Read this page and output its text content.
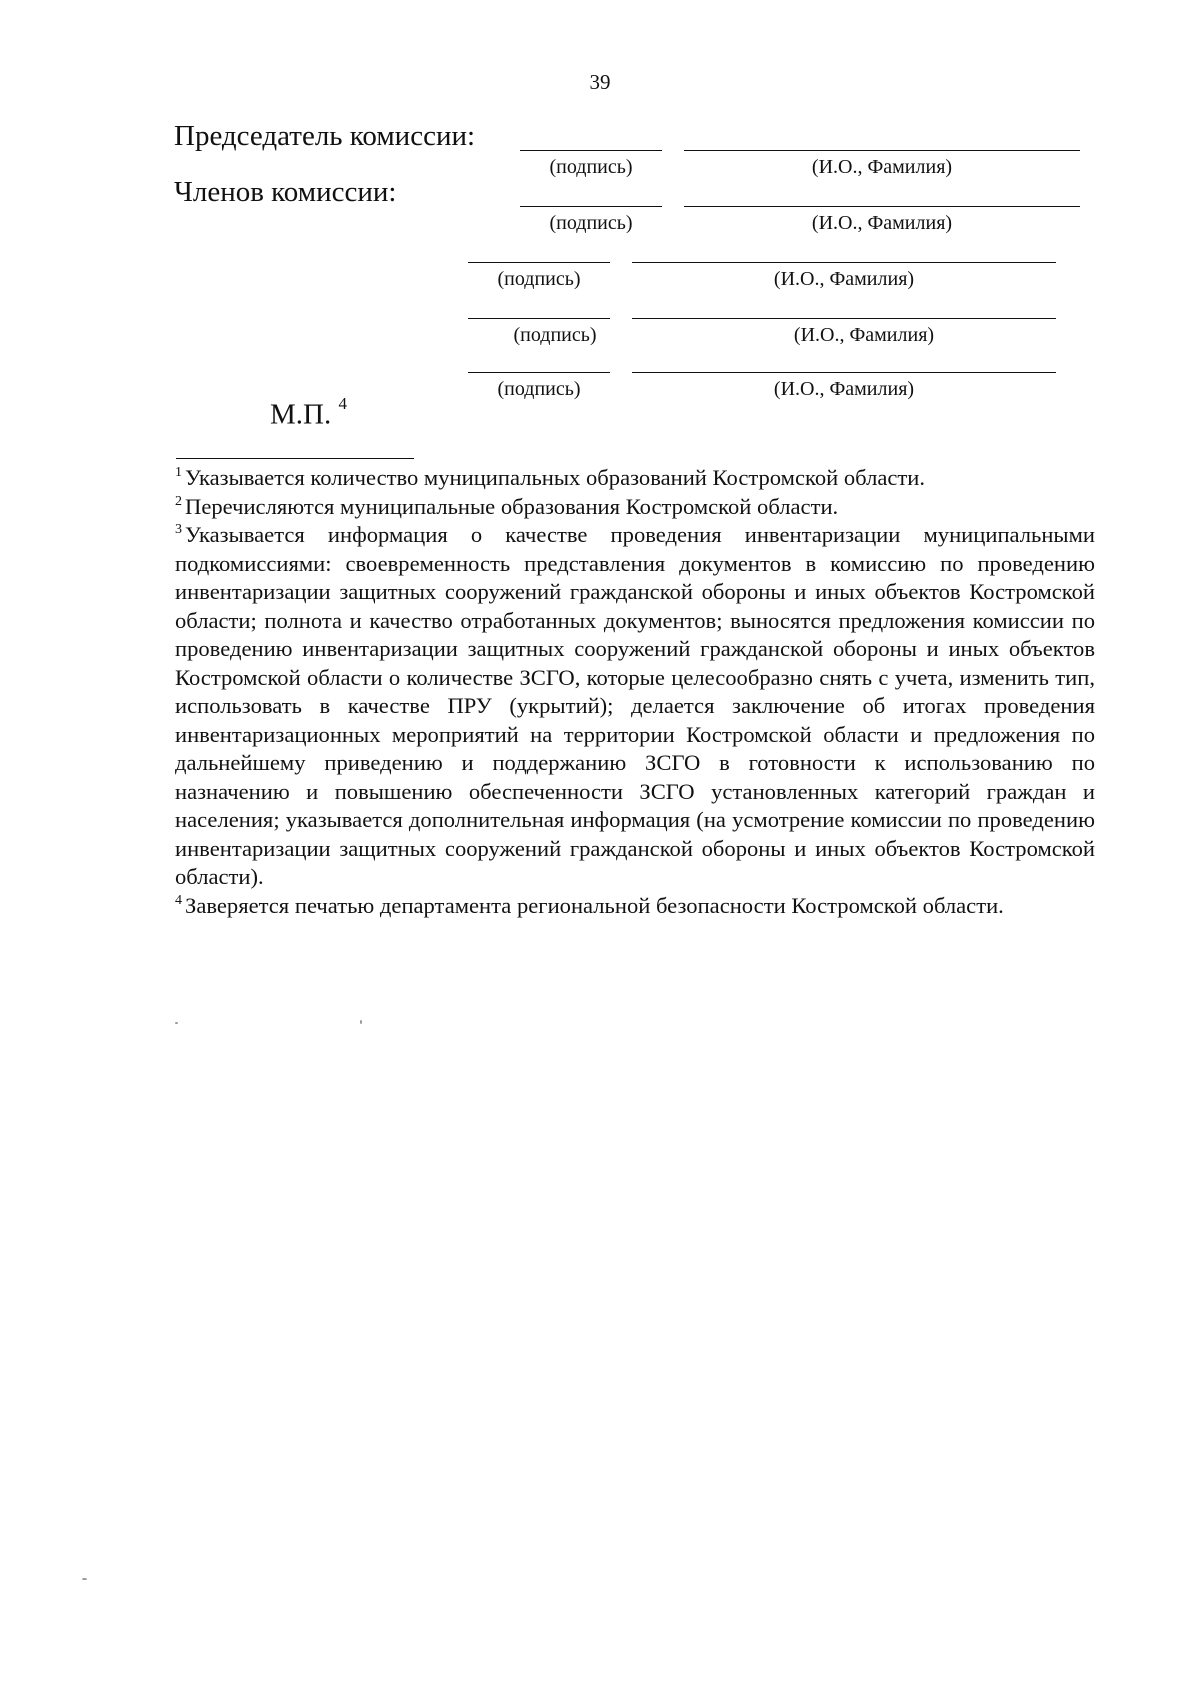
39
Председатель комиссии:
Членов комиссии:
(подпись)	(И.О., Фамилия)
(подпись)	(И.О., Фамилия)
(подпись)	(И.О., Фамилия)
(подпись)	(И.О., Фамилия)
(подпись)	(И.О., Фамилия)
М.П. $^4$

$^1$ Указывается количество муниципальных образований Костромской области.

$^2$ Перечисляются муниципальные образования Костромской области.

$^3$ Указывается информация о качестве проведения инвентаризации муниципальными подкомиссиями: своевременность представления документов в комиссию по проведению инвентаризации защитных сооружений гражданской обороны и иных объектов Костромской области; полнота и качество отработанных документов; выносятся предложения комиссии по проведению инвентаризации защитных сооружений гражданской обороны и иных объектов Костромской области о количестве ЗСГО, которые целесообразно снять с учета, изменить тип, использовать в качестве ПРУ (укрытий); делается заключение об итогах проведения инвентаризационных мероприятий на территории Костромской области и предложения по дальнейшему приведению и поддержанию ЗСГО в готовности к использованию по назначению и повышению обеспеченности ЗСГО установленных категорий граждан и населения; указывается дополнительная информация (на усмотрение комиссии по проведению инвентаризации защитных сооружений гражданской обороны и иных объектов Костромской области).

$^4$ Заверяется печатью департамента региональной безопасности Костромской области.
